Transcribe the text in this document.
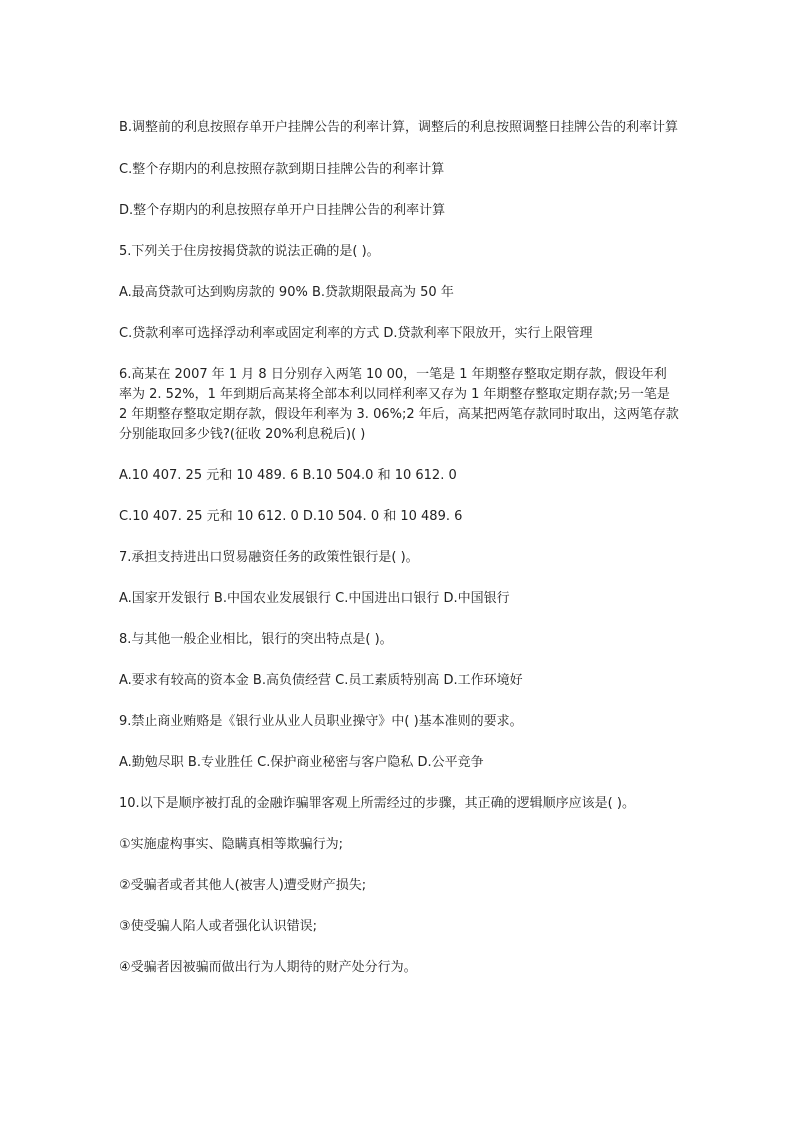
B.调整前的利息按照存单开户挂牌公告的利率计算，调整后的利息按照调整日挂牌公告的利率计算

C.整个存期内的利息按照存款到期日挂牌公告的利率计算

D.整个存期内的利息按照存单开户日挂牌公告的利率计算

5.下列关于住房按揭贷款的说法正确的是( )。

A.最高贷款可达到购房款的 90% B.贷款期限最高为 50 年

C.贷款利率可选择浮动利率或固定利率的方式 D.贷款利率下限放开，实行上限管理

6.高某在 2007 年 1 月 8 日分别存入两笔 10 00，一笔是 1 年期整存整取定期存款，假设年利率为 2. 52%，1 年到期后高某将全部本利以同样利率又存为 1 年期整存整取定期存款;另一笔是 2 年期整存整取定期存款，假设年利率为 3. 06%;2 年后，高某把两笔存款同时取出，这两笔存款分别能取回多少钱?(征收 20%利息税后)( )

A.10 407. 25 元和 10 489. 6 B.10 504.0 和 10 612. 0

C.10 407. 25 元和 10 612. 0 D.10 504. 0 和 10 489. 6

7.承担支持进出口贸易融资任务的政策性银行是( )。

A.国家开发银行 B.中国农业发展银行 C.中国进出口银行 D.中国银行

8.与其他一般企业相比，银行的突出特点是( )。

A.要求有较高的资本金 B.高负债经营 C.员工素质特别高 D.工作环境好

9.禁止商业贿赂是《银行业从业人员职业操守》中( )基本准则的要求。

A.勤勉尽职 B.专业胜任 C.保护商业秘密与客户隐私 D.公平竞争

10.以下是顺序被打乱的金融诈骗罪客观上所需经过的步骤，其正确的逻辑顺序应该是( )。

①实施虚构事实、隐瞒真相等欺骗行为;

②受骗者或者其他人(被害人)遭受财产损失;

③使受骗人陷人或者强化认识错误;

④受骗者因被骗而做出行为人期待的财产处分行为。
